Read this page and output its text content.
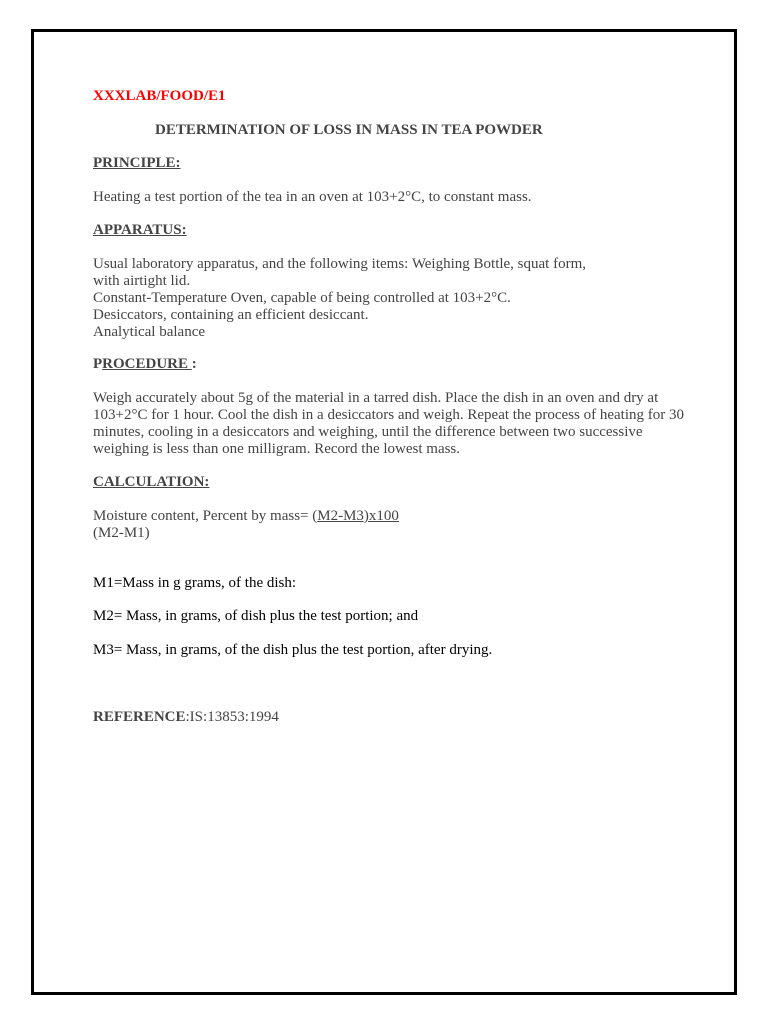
XXXLAB/FOOD/E1

DETERMINATION OF LOSS IN MASS IN TEA POWDER

PRINCIPLE:

Heating a test portion of the tea in an oven at 103+2°C, to constant mass.

APPARATUS:

Usual laboratory apparatus, and the following items: Weighing Bottle, squat form,

with airtight lid.

Constant-Temperature Oven, capable of being controlled at 103+2°C.

Desiccators, containing an efficient desiccant.

Analytical balance

PROCEDURE :

Weigh accurately about 5g of the material in a tarred dish. Place the dish in an oven and dry at

103+2°C for 1 hour. Cool the dish in a desiccators and weigh. Repeat the process of heating for 30

minutes, cooling in a desiccators and weighing, until the difference between two successive

weighing is less than one milligram. Record the lowest mass.

CALCULATION:

Moisture content, Percent by mass= (M2-M3)x100

(M2-M1)

M1=Mass in g grams, of the dish:

M2= Mass, in grams, of dish plus the test portion; and

M3= Mass, in grams, of the dish plus the test portion, after drying.

REFERENCE:IS:13853:1994
